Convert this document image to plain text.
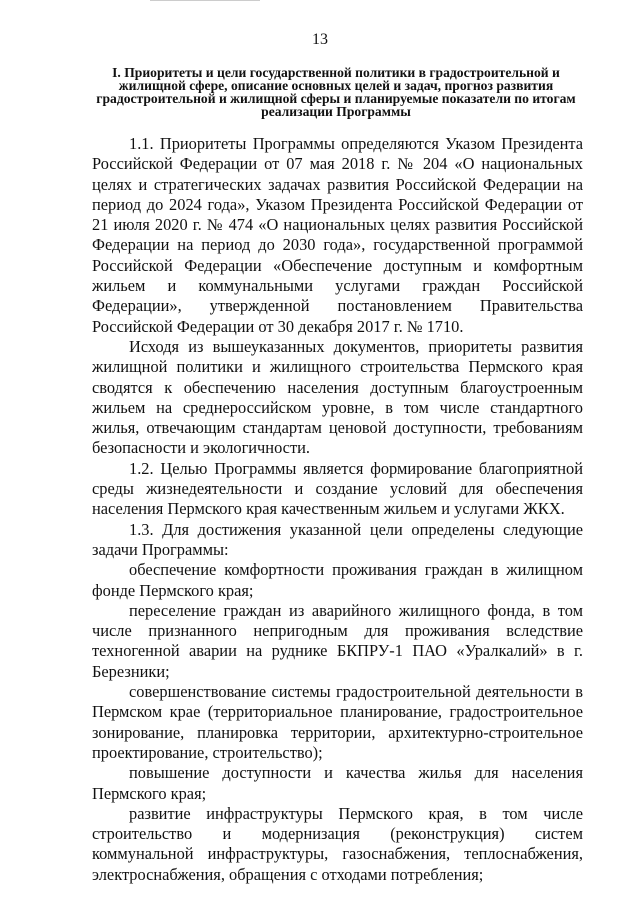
13
I. Приоритеты и цели государственной политики в градостроительной и жилищной сфере, описание основных целей и задач, прогноз развития градостроительной и жилищной сферы и планируемые показатели по итогам реализации Программы

1.1. Приоритеты Программы определяются Указом Президента Российской Федерации от 07 мая 2018 г. № 204 «О национальных целях и стратегических задачах развития Российской Федерации на период до 2024 года», Указом Президента Российской Федерации от 21 июля 2020 г. № 474 «О национальных целях развития Российской Федерации на период до 2030 года», государственной программой Российской Федерации «Обеспечение доступным и комфортным жильем и коммунальными услугами граждан Российской Федерации», утвержденной постановлением Правительства Российской Федерации от 30 декабря 2017 г. № 1710.

Исходя из вышеуказанных документов, приоритеты развития жилищной политики и жилищного строительства Пермского края сводятся к обеспечению населения доступным благоустроенным жильем на среднероссийском уровне, в том числе стандартного жилья, отвечающим стандартам ценовой доступности, требованиям безопасности и экологичности.

1.2. Целью Программы является формирование благоприятной среды жизнедеятельности и создание условий для обеспечения населения Пермского края качественным жильем и услугами ЖКХ.

1.3. Для достижения указанной цели определены следующие задачи Программы:

обеспечение комфортности проживания граждан в жилищном фонде Пермского края;

переселение граждан из аварийного жилищного фонда, в том числе признанного непригодным для проживания вследствие техногенной аварии на руднике БКПРУ-1 ПАО «Уралкалий» в г. Березники;

совершенствование системы градостроительной деятельности в Пермском крае (территориальное планирование, градостроительное зонирование, планировка территории, архитектурно-строительное проектирование, строительство);

повышение доступности и качества жилья для населения Пермского края;

развитие инфраструктуры Пермского края, в том числе строительство и модернизация (реконструкция) систем коммунальной инфраструктуры, газоснабжения, теплоснабжения, электроснабжения, обращения с отходами потребления;
